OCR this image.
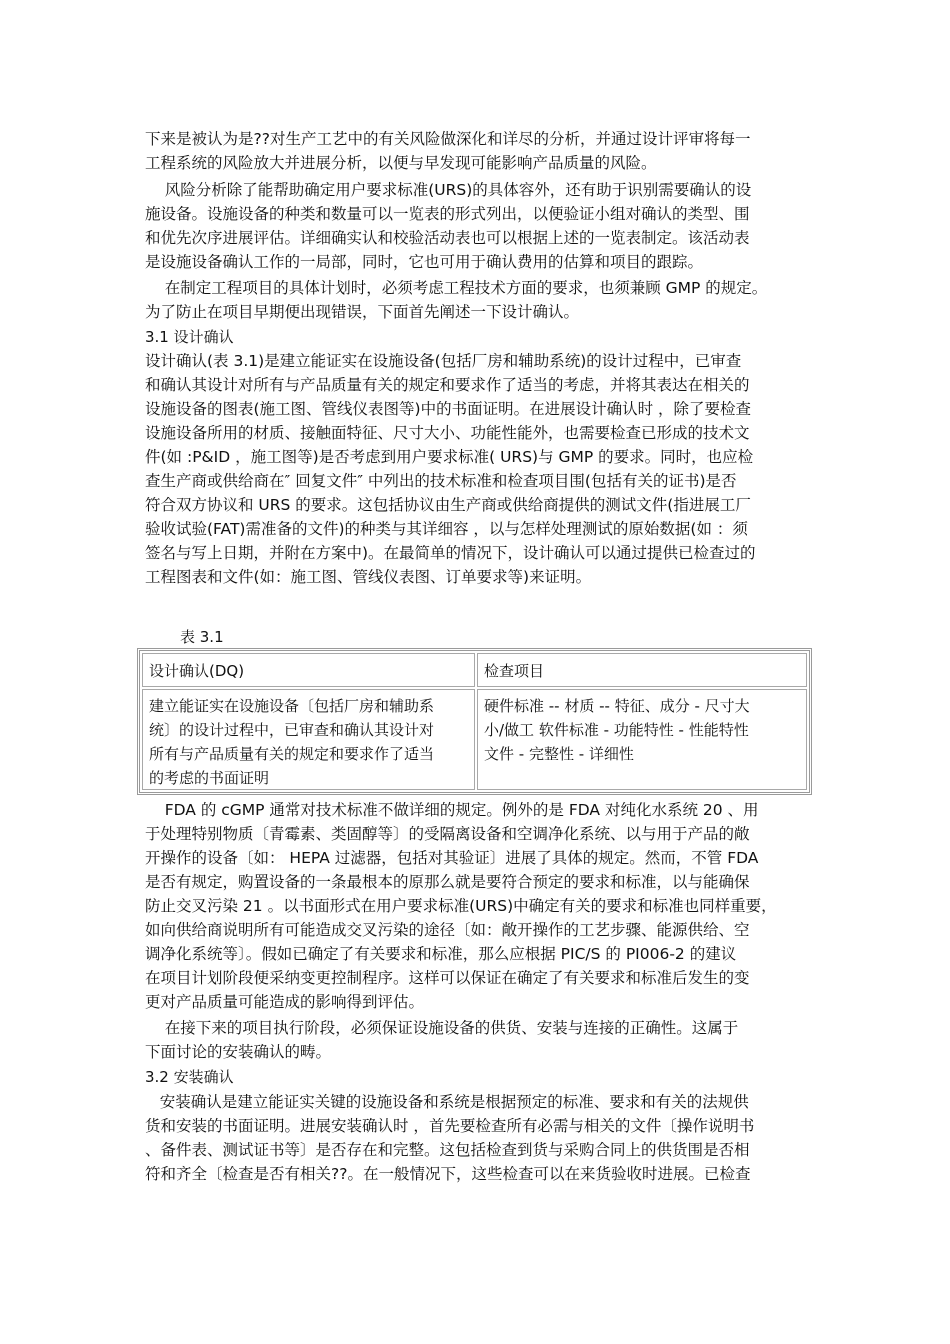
下来是被认为是??对生产工艺中的有关风险做深化和详尽的分析，并通过设计评审将每一
工程系统的风险放大并进展分析，以便与早发现可能影响产品质量的风险。
风险分析除了能帮助确定用户要求标准(URS)的具体容外，还有助于识别需要确认的设
施设备。设施设备的种类和数量可以一览表的形式列出，以便验证小组对确认的类型、围
和优先次序进展评估。详细确实认和校验活动表也可以根据上述的一览表制定。该活动表
是设施设备确认工作的一局部，同时，它也可用于确认费用的估算和项目的跟踪。
在制定工程项目的具体计划时，必须考虑工程技术方面的要求，也须兼顾 GMP 的规定。
为了防止在项目早期便出现错误，下面首先阐述一下设计确认。
3.1 设计确认
设计确认(表 3.1)是建立能证实在设施设备(包括厂房和辅助系统)的设计过程中，已审查
和确认其设计对所有与产品质量有关的规定和要求作了适当的考虑，并将其表达在相关的
设施设备的图表(施工图、管线仪表图等)中的书面证明。在进展设计确认时 ，除了要检查
设施设备所用的材质、接触面特征、尺寸大小、功能性能外，也需要检查已形成的技术文
件(如 :P&ID ，施工图等)是否考虑到用户要求标准( URS)与 GMP 的要求。同时，也应检
查生产商或供给商在″ 回复文件″ 中列出的技术标准和检查项目围(包括有关的证书)是否
符合双方协议和 URS 的要求。这包括协议由生产商或供给商提供的测试文件(指进展工厂
验收试验(FAT)需准备的文件)的种类与其详细容 ，以与怎样处理测试的原始数据(如 ：须
签名与写上日期，并附在方案中)。在最简单的情况下，设计确认可以通过提供已检查过的
工程图表和文件(如：施工图、管线仪表图、订单要求等)来证明。
表 3.1
设计确认(DQ)	检查项目
建立能证实在设施设备〔包括厂房和辅助系
统〕的设计过程中，已审查和确认其设计对
所有与产品质量有关的规定和要求作了适当
的考虑的书面证明
硬件标准 -- 材质 -- 特征、成分 - 尺寸大
小/做工 软件标准 - 功能特性 - 性能特性
文件 - 完整性 - 详细性
FDA 的 cGMP 通常对技术标准不做详细的规定。例外的是 FDA 对纯化水系统 20 、用
于处理特别物质〔青霉素、类固醇等〕的受隔离设备和空调净化系统、以与用于产品的敞
开操作的设备〔如： HEPA 过滤器，包括对其验证〕进展了具体的规定。然而，不管 FDA
是否有规定，购置设备的一条最根本的原那么就是要符合预定的要求和标准，以与能确保
防止交叉污染 21 。以书面形式在用户要求标准(URS)中确定有关的要求和标准也同样重要，
如向供给商说明所有可能造成交叉污染的途径〔如：敞开操作的工艺步骤、能源供给、空
调净化系统等〕。假如已确定了有关要求和标准，那么应根据 PIC/S 的 PI006-2 的建议
在项目计划阶段便采纳变更控制程序。这样可以保证在确定了有关要求和标准后发生的变
更对产品质量可能造成的影响得到评估。
在接下来的项目执行阶段，必须保证设施设备的供货、安装与连接的正确性。这属于
下面讨论的安装确认的畴。
3.2 安装确认
安装确认是建立能证实关键的设施设备和系统是根据预定的标准、要求和有关的法规供
货和安装的书面证明。进展安装确认时 ，首先要检查所有必需与相关的文件〔操作说明书
、备件表、测试证书等〕是否存在和完整。这包括检查到货与采购合同上的供货围是否相
符和齐全〔检查是否有相关??。在一般情况下，这些检查可以在来货验收时进展。已检查
